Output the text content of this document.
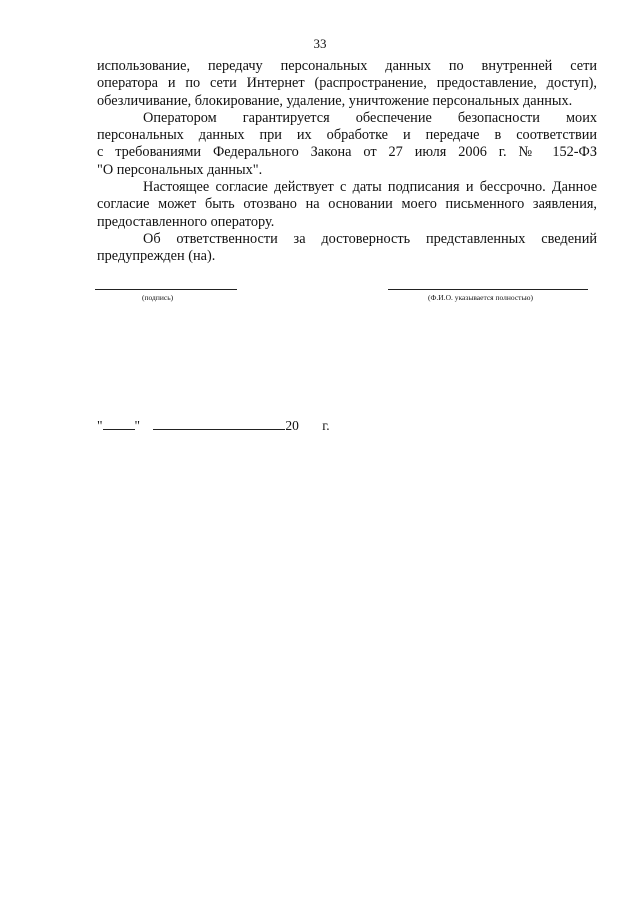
33
использование, передачу персональных данных по внутренней сети
оператора и по сети Интернет (распространение, предоставление, доступ),
обезличивание, блокирование, удаление, уничтожение персональных данных.
Оператором гарантируется обеспечение безопасности моих
персональных данных при их обработке и передаче в соответствии
с требованиями Федерального Закона от 27 июля 2006 г. № 152-ФЗ
"О персональных данных".
Настоящее согласие действует с даты подписания и бессрочно. Данное
согласие может быть отозвано на основании моего письменного заявления,
предоставленного оператору.
Об ответственности за достоверность представленных сведений
предупрежден (на).
(подпись)	(Ф.И.О. указывается полностью)
" "	20 г.
